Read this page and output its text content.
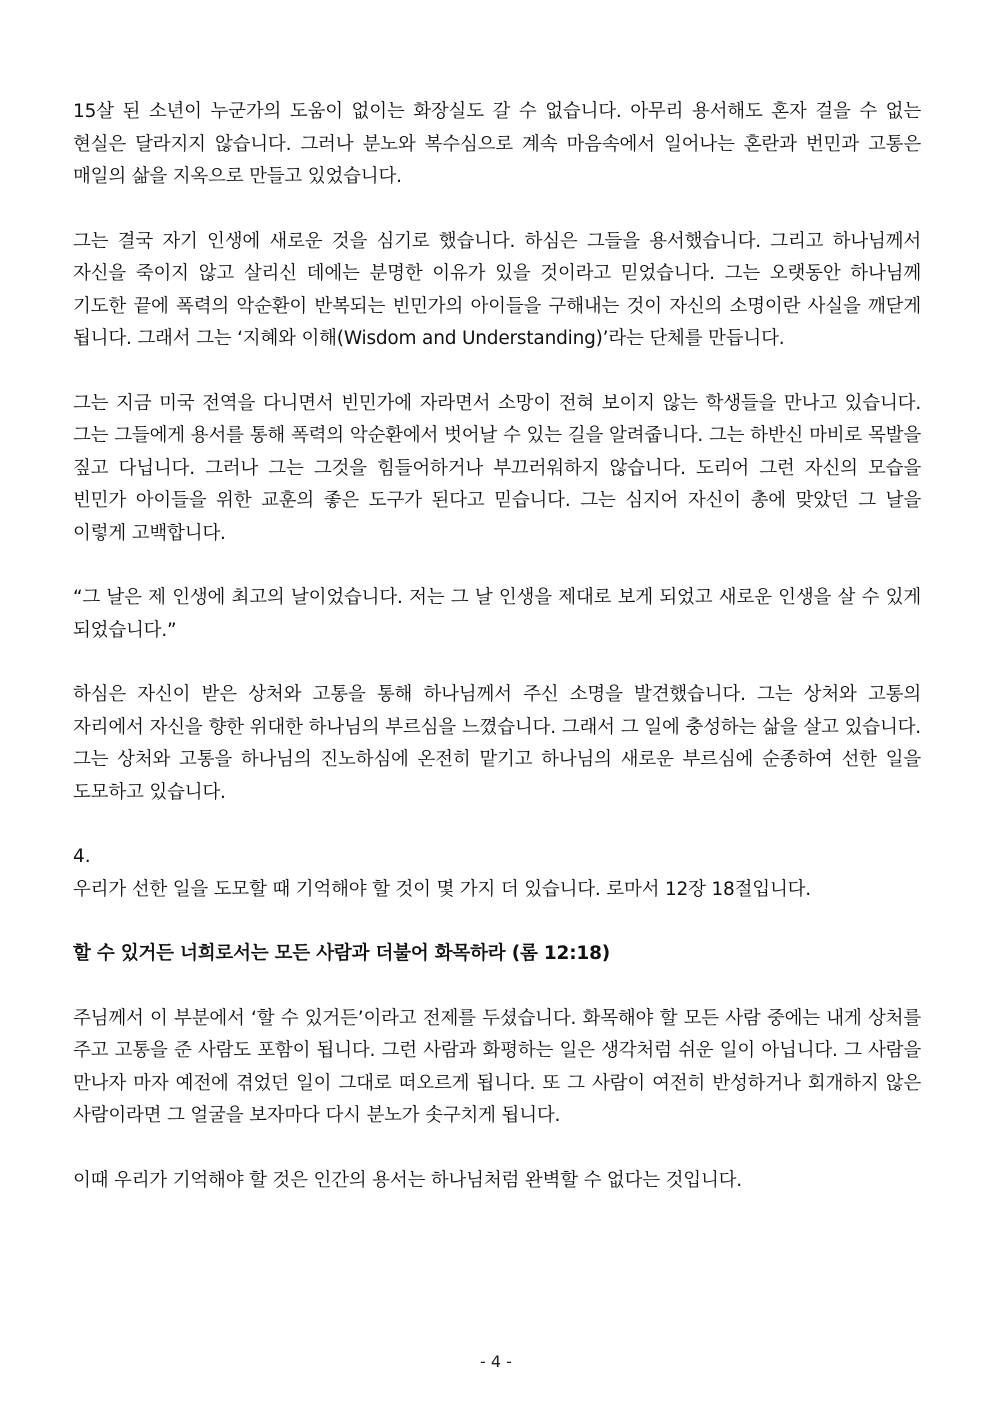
15살 된 소년이 누군가의 도움이 없이는 화장실도 갈 수 없습니다. 아무리 용서해도 혼자 걸을 수 없는 현실은 달라지지 않습니다. 그러나 분노와 복수심으로 계속 마음속에서 일어나는 혼란과 번민과 고통은 매일의 삶을 지옥으로 만들고 있었습니다.

그는 결국 자기 인생에 새로운 것을 심기로 했습니다. 하심은 그들을 용서했습니다. 그리고 하나님께서 자신을 죽이지 않고 살리신 데에는 분명한 이유가 있을 것이라고 믿었습니다. 그는 오랫동안 하나님께 기도한 끝에 폭력의 악순환이 반복되는 빈민가의 아이들을 구해내는 것이 자신의 소명이란 사실을 깨닫게 됩니다. 그래서 그는 ‘지혜와 이해(Wisdom and Understanding)’라는 단체를 만듭니다.

그는 지금 미국 전역을 다니면서 빈민가에 자라면서 소망이 전혀 보이지 않는 학생들을 만나고 있습니다. 그는 그들에게 용서를 통해 폭력의 악순환에서 벗어날 수 있는 길을 알려줍니다. 그는 하반신 마비로 목발을 짚고 다닙니다. 그러나 그는 그것을 힘들어하거나 부끄러워하지 않습니다. 도리어 그런 자신의 모습을 빈민가 아이들을 위한 교훈의 좋은 도구가 된다고 믿습니다. 그는 심지어 자신이 총에 맞았던 그 날을 이렇게 고백합니다.

“그 날은 제 인생에 최고의 날이었습니다. 저는 그 날 인생을 제대로 보게 되었고 새로운 인생을 살 수 있게 되었습니다.”

하심은 자신이 받은 상처와 고통을 통해 하나님께서 주신 소명을 발견했습니다. 그는 상처와 고통의 자리에서 자신을 향한 위대한 하나님의 부르심을 느꼈습니다. 그래서 그 일에 충성하는 삶을 살고 있습니다. 그는 상처와 고통을 하나님의 진노하심에 온전히 맡기고 하나님의 새로운 부르심에 순종하여 선한 일을 도모하고 있습니다.

4.

우리가 선한 일을 도모할 때 기억해야 할 것이 몇 가지 더 있습니다. 로마서 12장 18절입니다.

할 수 있거든 너희로서는 모든 사람과 더불어 화목하라 (롬 12:18)

주님께서 이 부분에서 ‘할 수 있거든’이라고 전제를 두셨습니다. 화목해야 할 모든 사람 중에는 내게 상처를 주고 고통을 준 사람도 포함이 됩니다. 그런 사람과 화평하는 일은 생각처럼 쉬운 일이 아닙니다. 그 사람을 만나자 마자 예전에 겪었던 일이 그대로 떠오르게 됩니다. 또 그 사람이 여전히 반성하거나 회개하지 않은 사람이라면 그 얼굴을 보자마다 다시 분노가 솟구치게 됩니다.

이때 우리가 기억해야 할 것은 인간의 용서는 하나님처럼 완벽할 수 없다는 것입니다.

- 4 -
